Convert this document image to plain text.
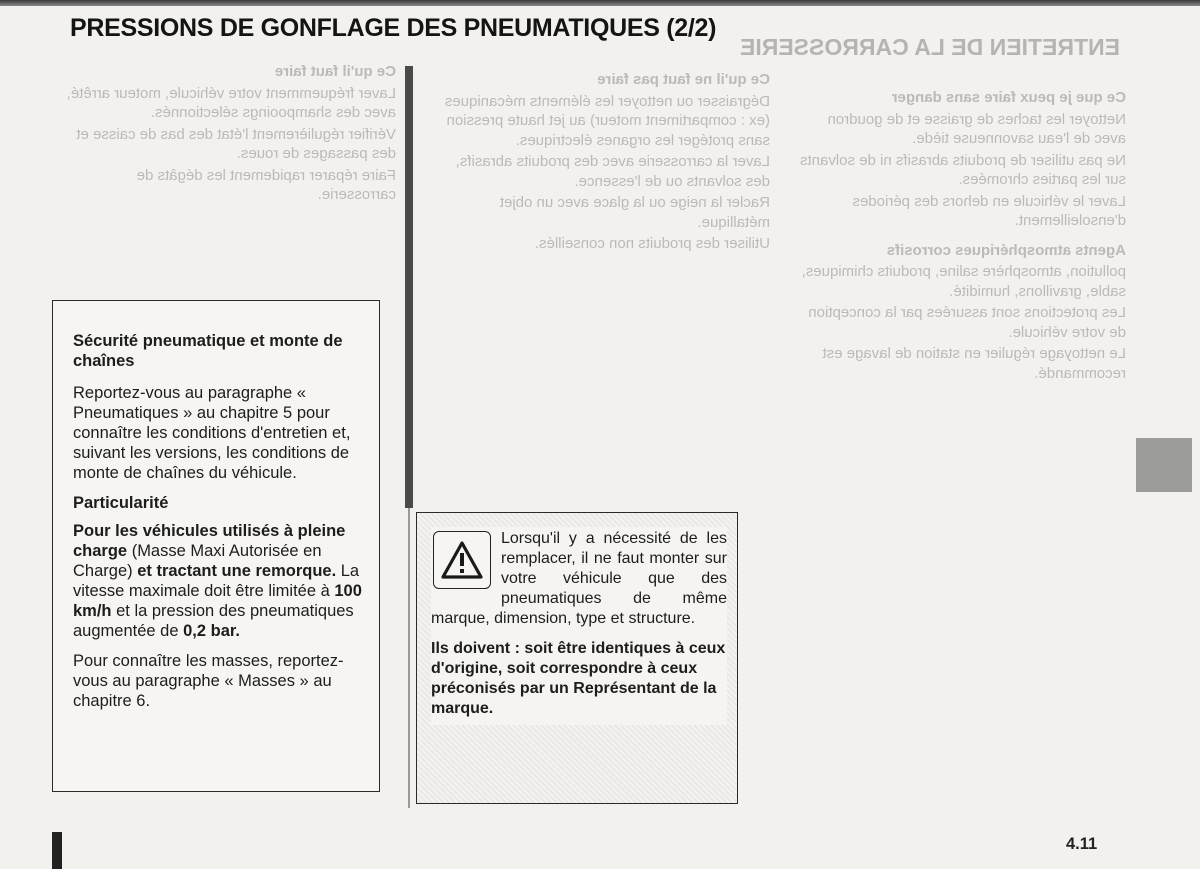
ENTRETIEN DE LA CARROSSERIE

Ce que je peux faire sans danger

Nettoyer les taches de graisse et de goudron avec de l'eau savonneuse tiède.

Ne pas utiliser de produits abrasifs ni de solvants sur les parties chromées.

Laver le véhicule en dehors des périodes d'ensoleillement.

Agents atmosphériques corrosifs

pollution, atmosphère saline, produits chimiques, sable, gravillons, humidité.

Les protections sont assurées par la conception de votre véhicule.

Le nettoyage régulier en station de lavage est recommandé.

Ce qu'il ne faut pas faire

Dégraisser ou nettoyer les éléments mécaniques (ex : compartiment moteur) au jet haute pression sans protéger les organes électriques.

Laver la carrosserie avec des produits abrasifs, des solvants ou de l'essence.

Racler la neige ou la glace avec un objet métallique.

Utiliser des produits non conseillés.

Ce qu'il faut faire

Laver fréquemment votre véhicule, moteur arrêté, avec des shampooings sélectionnés.

Vérifier régulièrement l'état des bas de caisse et des passages de roues.

Faire réparer rapidement les dégâts de carrosserie.

PRESSIONS DE GONFLAGE DES PNEUMATIQUES (2/2)

Sécurité pneumatique et monte de chaînes

Reportez-vous au paragraphe « Pneumatiques » au chapitre 5 pour connaître les conditions d'entretien et, suivant les versions, les conditions de monte de chaînes du véhicule.

Particularité

Pour les véhicules utilisés à pleine charge (Masse Maxi Autorisée en Charge) et tractant une remorque. La vitesse maximale doit être limitée à 100 km/h et la pression des pneumatiques augmentée de 0,2 bar.

Pour connaître les masses, reportez-vous au paragraphe « Masses » au chapitre 6.

Lorsqu'il y a nécessité de les remplacer, il ne faut monter sur votre véhicule que des pneumatiques de même marque, dimension, type et structure.

Ils doivent : soit être identiques à ceux d'origine, soit correspondre à ceux préconisés par un Représentant de la marque.

4.11
